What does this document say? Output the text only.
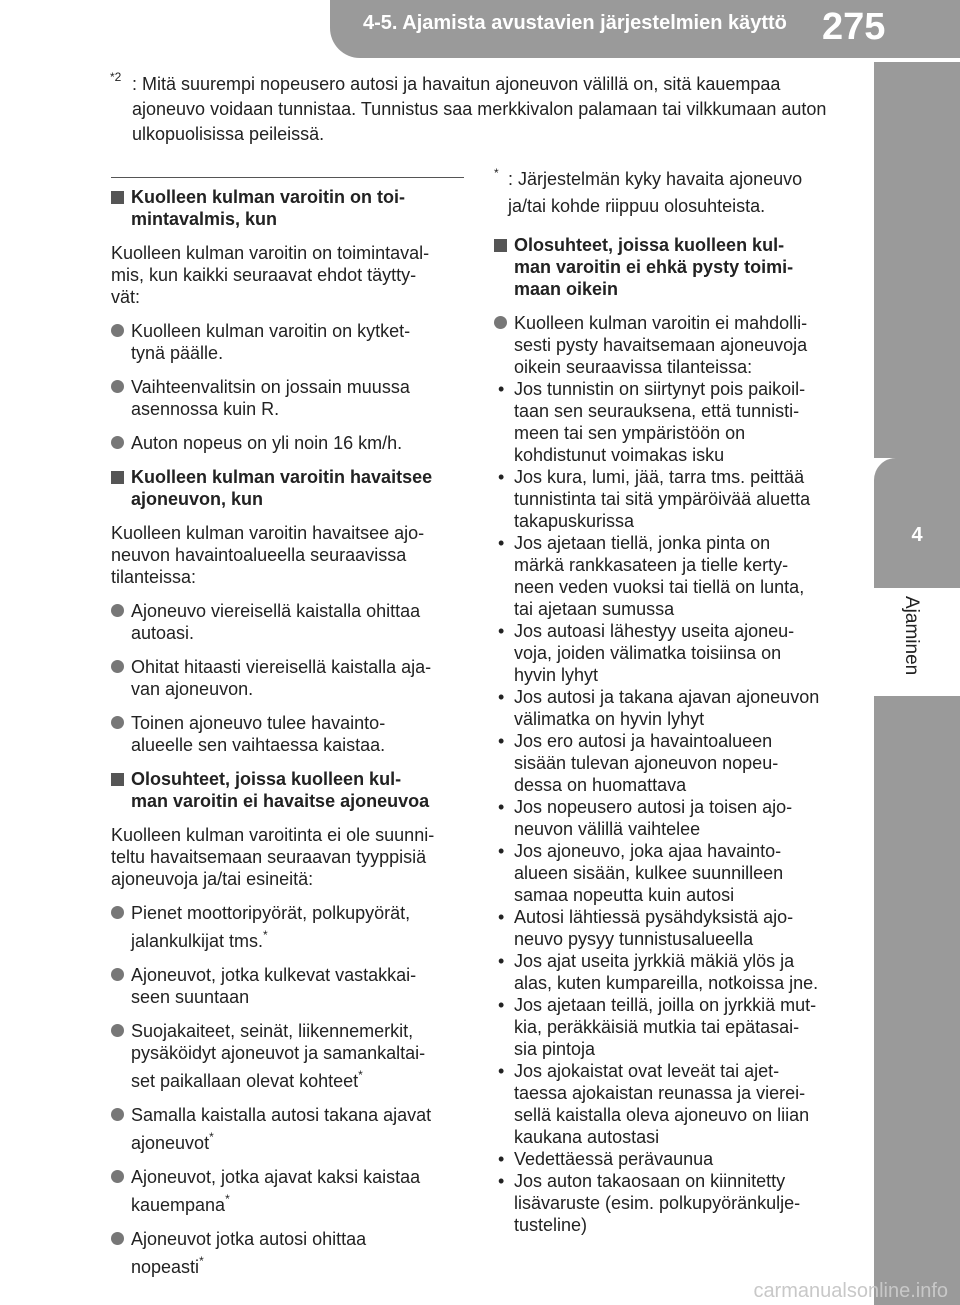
4-5. Ajamista avustavien järjestelmien käyttö 275
4
Ajaminen
*2 : Mitä suurempi nopeusero autosi ja havaitun ajoneuvon välillä on, sitä kauempaa ajoneuvo voidaan tunnistaa. Tunnistus saa merkkivalon palamaan tai vilkkumaan auton ulkopuolisissa peileissä.
Kuolleen kulman varoitin on toi-
mintavalmis, kun
Kuolleen kulman varoitin on toimintaval-
mis, kun kaikki seuraavat ehdot täytty-
vät:
Kuolleen kulman varoitin on kytket-
tynä päälle.
Vaihteenvalitsin on jossain muussa
asennossa kuin R.
Auton nopeus on yli noin 16 km/h.
Kuolleen kulman varoitin havaitsee
ajoneuvon, kun
Kuolleen kulman varoitin havaitsee ajo-
neuvon havaintoalueella seuraavissa
tilanteissa:
Ajoneuvo viereisellä kaistalla ohittaa
autoasi.
Ohitat hitaasti viereisellä kaistalla aja-
van ajoneuvon.
Toinen ajoneuvo tulee havainto-
alueelle sen vaihtaessa kaistaa.
Olosuhteet, joissa kuolleen kul-
man varoitin ei havaitse ajoneuvoa
Kuolleen kulman varoitinta ei ole suunni-
teltu havaitsemaan seuraavan tyyppisiä
ajoneuvoja ja/tai esineitä:
Pienet moottoripyörät, polkupyörät,
jalankulkijat tms.*
Ajoneuvot, jotka kulkevat vastakkai-
seen suuntaan
Suojakaiteet, seinät, liikennemerkit,
pysäköidyt ajoneuvot ja samankaltai-
set paikallaan olevat kohteet*
Samalla kaistalla autosi takana ajavat
ajoneuvot*
Ajoneuvot, jotka ajavat kaksi kaistaa
kauempana*
Ajoneuvot jotka autosi ohittaa
nopeasti*
* : Järjestelmän kyky havaita ajoneuvo
ja/tai kohde riippuu olosuhteista.
Olosuhteet, joissa kuolleen kul-
man varoitin ei ehkä pysty toimi-
maan oikein
Kuolleen kulman varoitin ei mahdolli-
sesti pysty havaitsemaan ajoneuvoja
oikein seuraavissa tilanteissa:
• Jos tunnistin on siirtynyt pois paikoil-
taan sen seurauksena, että tunnisti-
meen tai sen ympäristöön on
kohdistunut voimakas isku
• Jos kura, lumi, jää, tarra tms. peittää
tunnistinta tai sitä ympäröivää aluetta
takapuskurissa
• Jos ajetaan tiellä, jonka pinta on
märkä rankkasateen ja tielle kerty-
neen veden vuoksi tai tiellä on lunta,
tai ajetaan sumussa
• Jos autoasi lähestyy useita ajoneu-
voja, joiden välimatka toisiinsa on
hyvin lyhyt
• Jos autosi ja takana ajavan ajoneuvon
välimatka on hyvin lyhyt
• Jos ero autosi ja havaintoalueen
sisään tulevan ajoneuvon nopeu-
dessa on huomattava
• Jos nopeusero autosi ja toisen ajo-
neuvon välillä vaihtelee
• Jos ajoneuvo, joka ajaa havainto-
alueen sisään, kulkee suunnilleen
samaa nopeutta kuin autosi
• Autosi lähtiessä pysähdyksistä ajo-
neuvo pysyy tunnistusalueella
• Jos ajat useita jyrkkiä mäkiä ylös ja
alas, kuten kumpareilla, notkoissa jne.
• Jos ajetaan teillä, joilla on jyrkkiä mut-
kia, peräkkäisiä mutkia tai epätasai-
sia pintoja
• Jos ajokaistat ovat leveät tai ajet-
taessa ajokaistan reunassa ja vierei-
sellä kaistalla oleva ajoneuvo on liian
kaukana autostasi
• Vedettäessä perävaunua
• Jos auton takaosaan on kiinnitetty
lisävaruste (esim. polkupyöränkulje-
tusteline)
carmanualsonline.info
